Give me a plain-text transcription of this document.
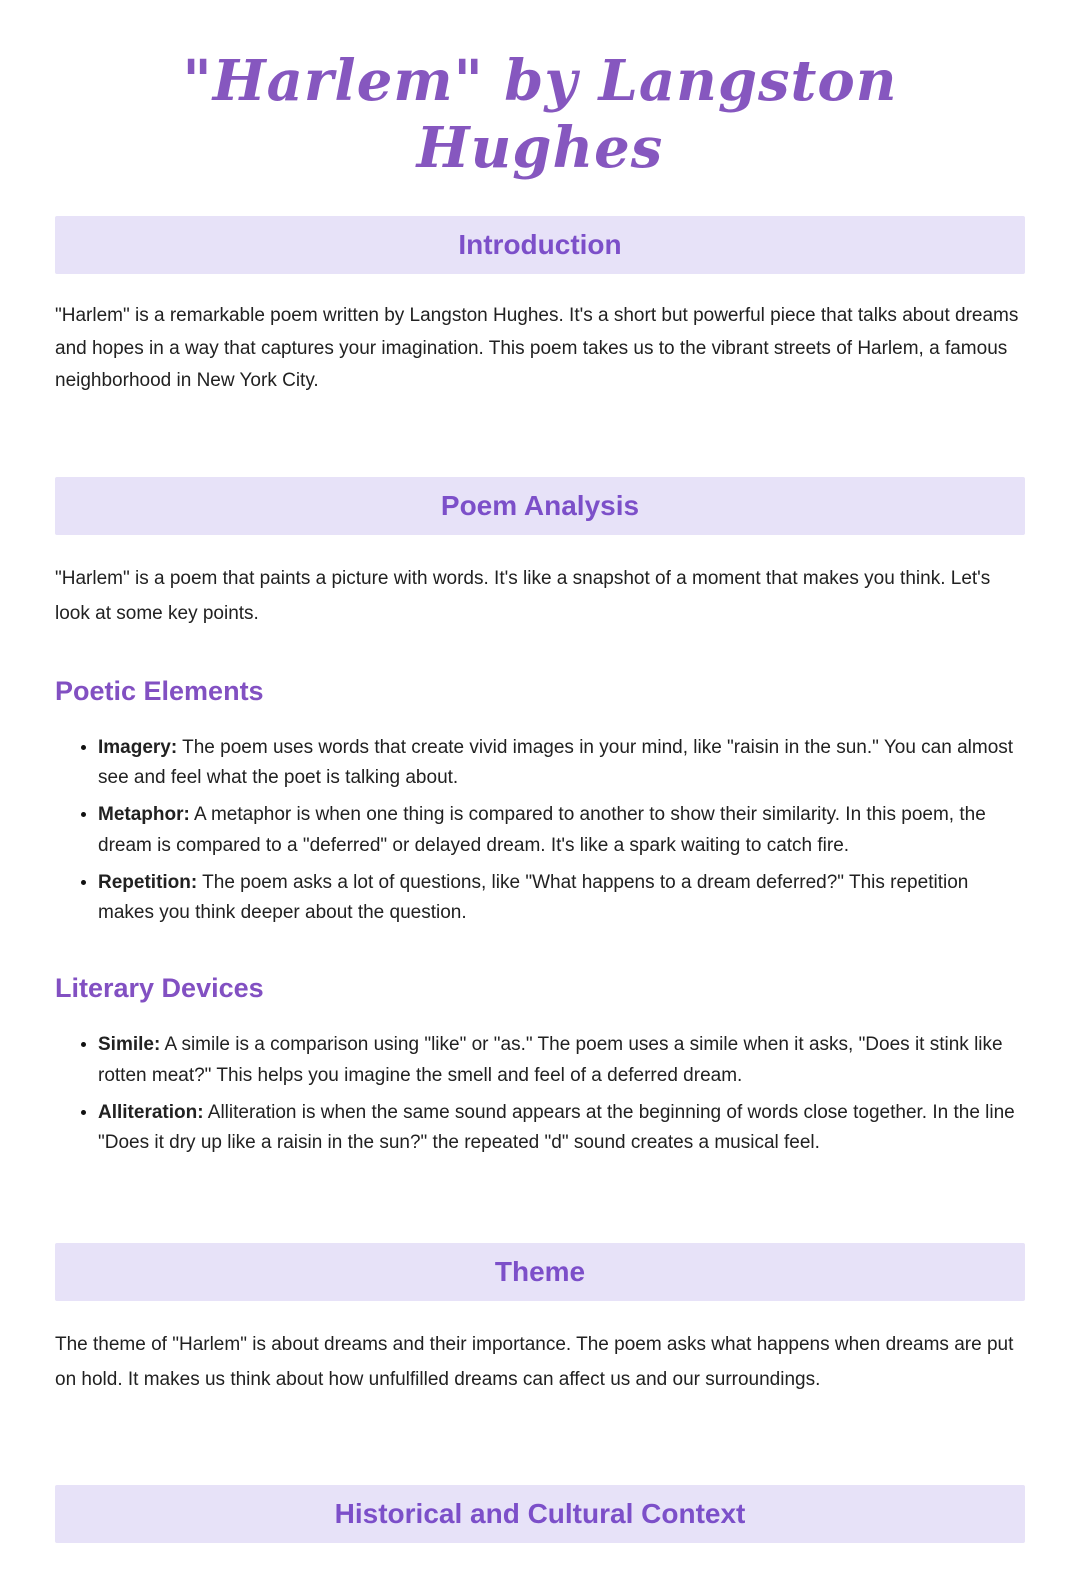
"Harlem" by Langston Hughes
Introduction

"Harlem" is a remarkable poem written by Langston Hughes. It's a short but powerful piece that talks about dreams and hopes in a way that captures your imagination. This poem takes us to the vibrant streets of Harlem, a famous neighborhood in New York City.

Poem Analysis

"Harlem" is a poem that paints a picture with words. It's like a snapshot of a moment that makes you think. Let's look at some key points.

Poetic Elements
• Imagery: The poem uses words that create vivid images in your mind, like "raisin in the sun." You can almost see and feel what the poet is talking about.
• Metaphor: A metaphor is when one thing is compared to another to show their similarity. In this poem, the dream is compared to a "deferred" or delayed dream. It's like a spark waiting to catch fire.
• Repetition: The poem asks a lot of questions, like "What happens to a dream deferred?" This repetition makes you think deeper about the question.
Literary Devices
• Simile: A simile is a comparison using "like" or "as." The poem uses a simile when it asks, "Does it stink like rotten meat?" This helps you imagine the smell and feel of a deferred dream.
• Alliteration: Alliteration is when the same sound appears at the beginning of words close together. In the line "Does it dry up like a raisin in the sun?" the repeated "d" sound creates a musical feel.
Theme

The theme of "Harlem" is about dreams and their importance. The poem asks what happens when dreams are put on hold. It makes us think about how unfulfilled dreams can affect us and our surroundings.

Historical and Cultural Context
